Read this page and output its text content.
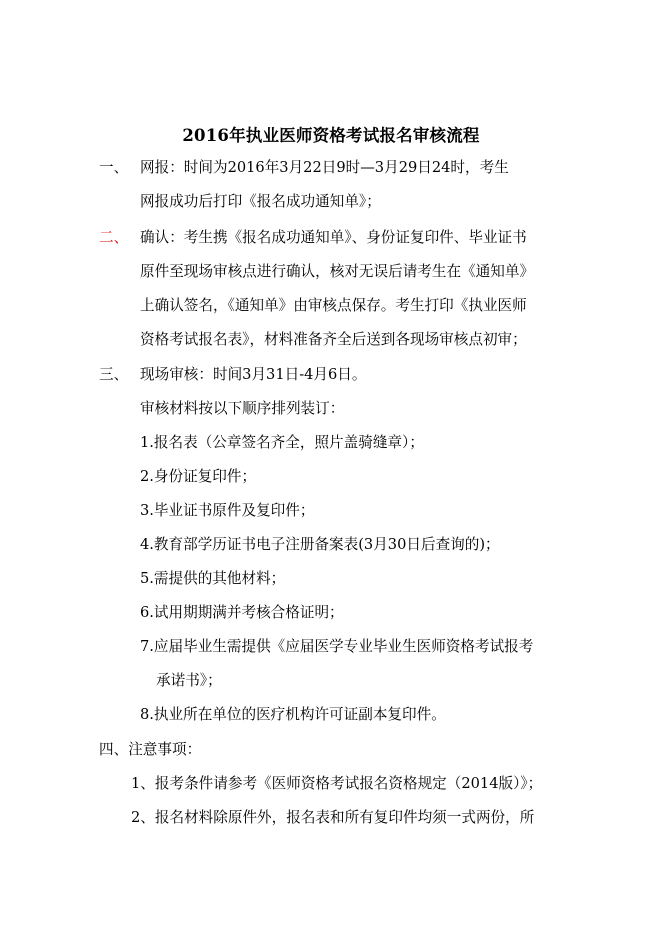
2016年执业医师资格考试报名审核流程
一、 网报：时间为2016年3月22日9时—3月29日24时，考生
网报成功后打印《报名成功通知单》；
二、 确认：考生携《报名成功通知单》、身份证复印件、毕业证书
原件至现场审核点进行确认，核对无误后请考生在《通知单》
上确认签名，《通知单》由审核点保存。考生打印《执业医师
资格考试报名表》，材料准备齐全后送到各现场审核点初审；
三、 现场审核：时间3月31日-4月6日。
审核材料按以下顺序排列装订：
1.报名表（公章签名齐全，照片盖骑缝章）；
2.身份证复印件；
3.毕业证书原件及复印件；
4.教育部学历证书电子注册备案表(3月30日后查询的)；
5.需提供的其他材料；
6.试用期期满并考核合格证明；
7.应届毕业生需提供《应届医学专业毕业生医师资格考试报考
承诺书》；
8.执业所在单位的医疗机构许可证副本复印件。
四、注意事项：
1、报考条件请参考《医师资格考试报名资格规定（2014版）》；
2、报名材料除原件外，报名表和所有复印件均须一式两份，所
